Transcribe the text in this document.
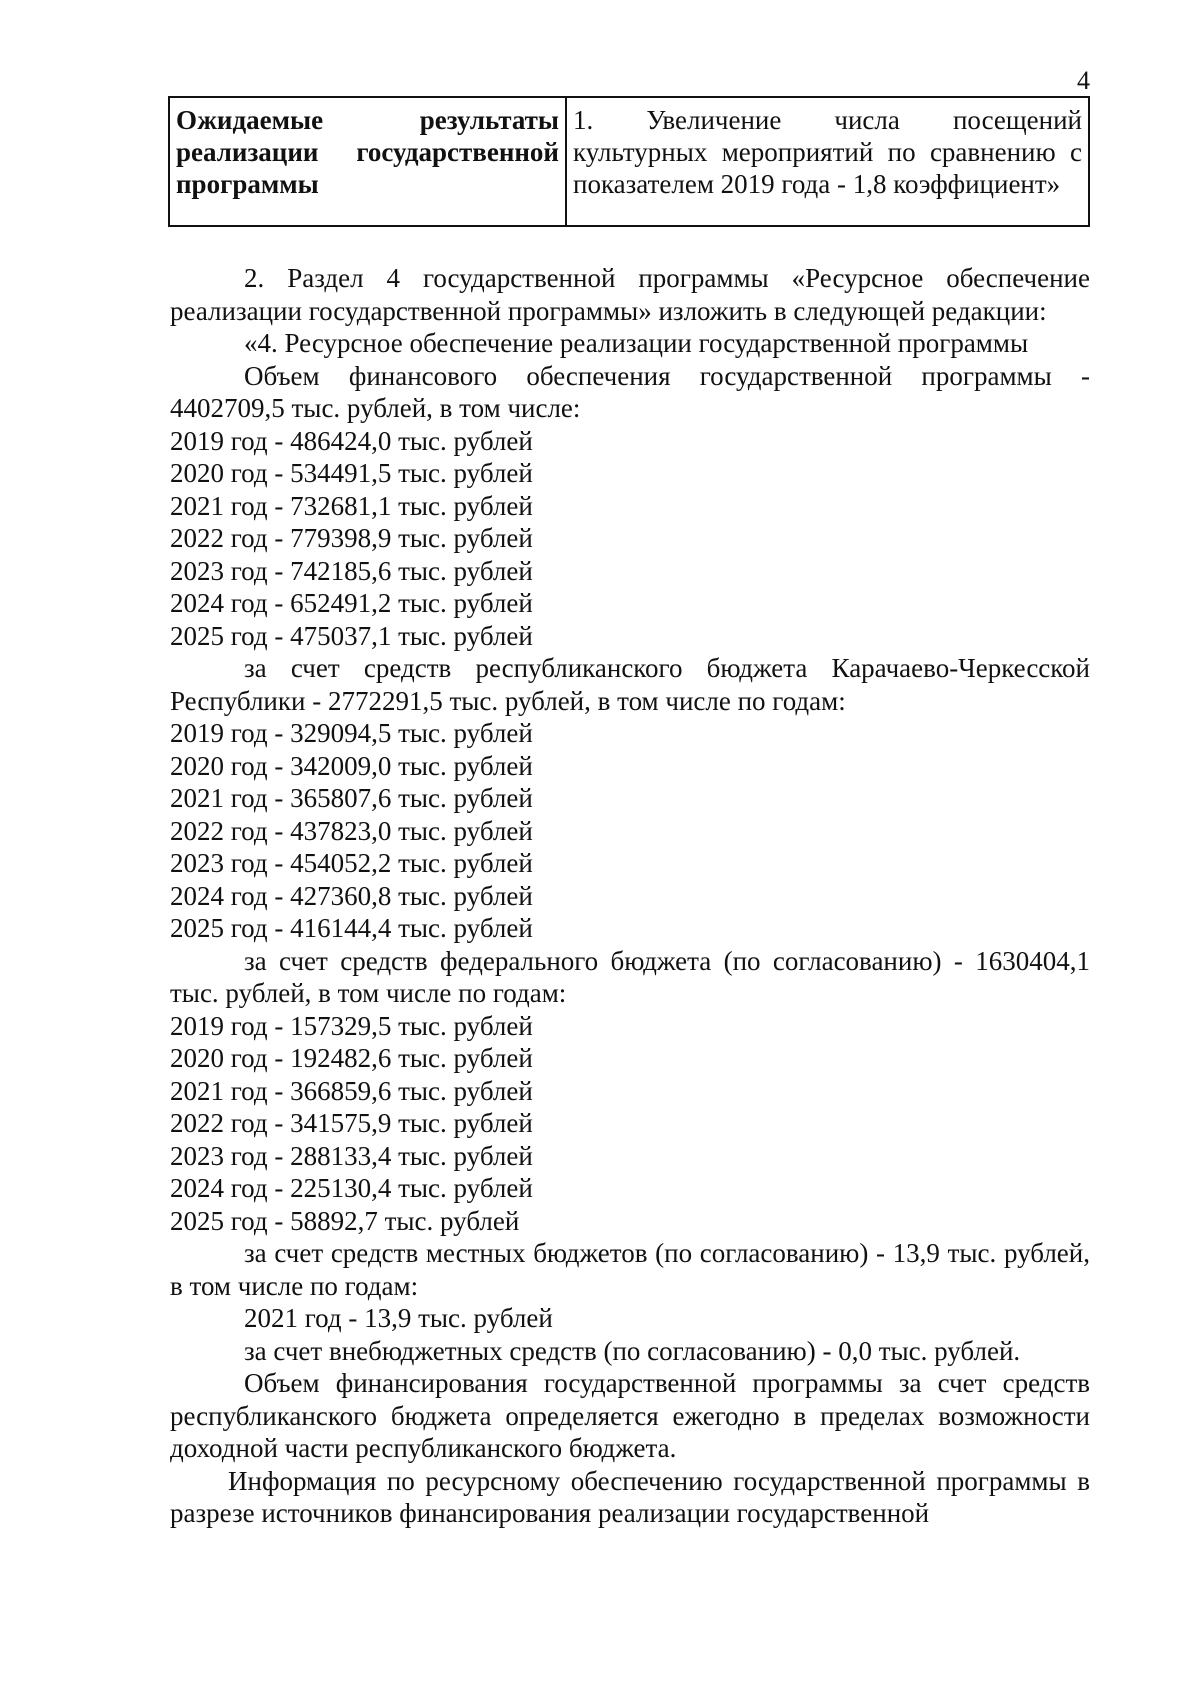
4
Ожидаемые результаты реализации государственной программы	1. Увеличение числа посещений культурных мероприятий по сравнению с показателем 2019 года - 1,8 коэффициент»

2. Раздел 4 государственной программы «Ресурсное обеспечение реализации государственной программы» изложить в следующей редакции:

«4. Ресурсное обеспечение реализации государственной программы

Объем финансового обеспечения государственной программы - 4402709,5 тыс. рублей, в том числе:

2019 год - 486424,0 тыс. рублей

2020 год - 534491,5 тыс. рублей

2021 год - 732681,1 тыс. рублей

2022 год - 779398,9 тыс. рублей

2023 год - 742185,6 тыс. рублей

2024 год - 652491,2 тыс. рублей

2025 год - 475037,1 тыс. рублей

за счет средств республиканского бюджета Карачаево-Черкесской Республики - 2772291,5 тыс. рублей, в том числе по годам:

2019 год - 329094,5 тыс. рублей

2020 год - 342009,0 тыс. рублей

2021 год - 365807,6 тыс. рублей

2022 год - 437823,0 тыс. рублей

2023 год - 454052,2 тыс. рублей

2024 год - 427360,8 тыс. рублей

2025 год - 416144,4 тыс. рублей

за счет средств федерального бюджета (по согласованию) - 1630404,1 тыс. рублей, в том числе по годам:

2019 год - 157329,5 тыс. рублей

2020 год - 192482,6 тыс. рублей

2021 год - 366859,6 тыс. рублей

2022 год - 341575,9 тыс. рублей

2023 год - 288133,4 тыс. рублей

2024 год - 225130,4 тыс. рублей

2025 год - 58892,7 тыс. рублей

за счет средств местных бюджетов (по согласованию) - 13,9 тыс. рублей, в том числе по годам:

2021 год - 13,9 тыс. рублей

за счет внебюджетных средств (по согласованию) - 0,0 тыс. рублей.

Объем финансирования государственной программы за счет средств республиканского бюджета определяется ежегодно в пределах возможности доходной части республиканского бюджета.

Информация по ресурсному обеспечению государственной программы в разрезе источников финансирования реализации государственной
